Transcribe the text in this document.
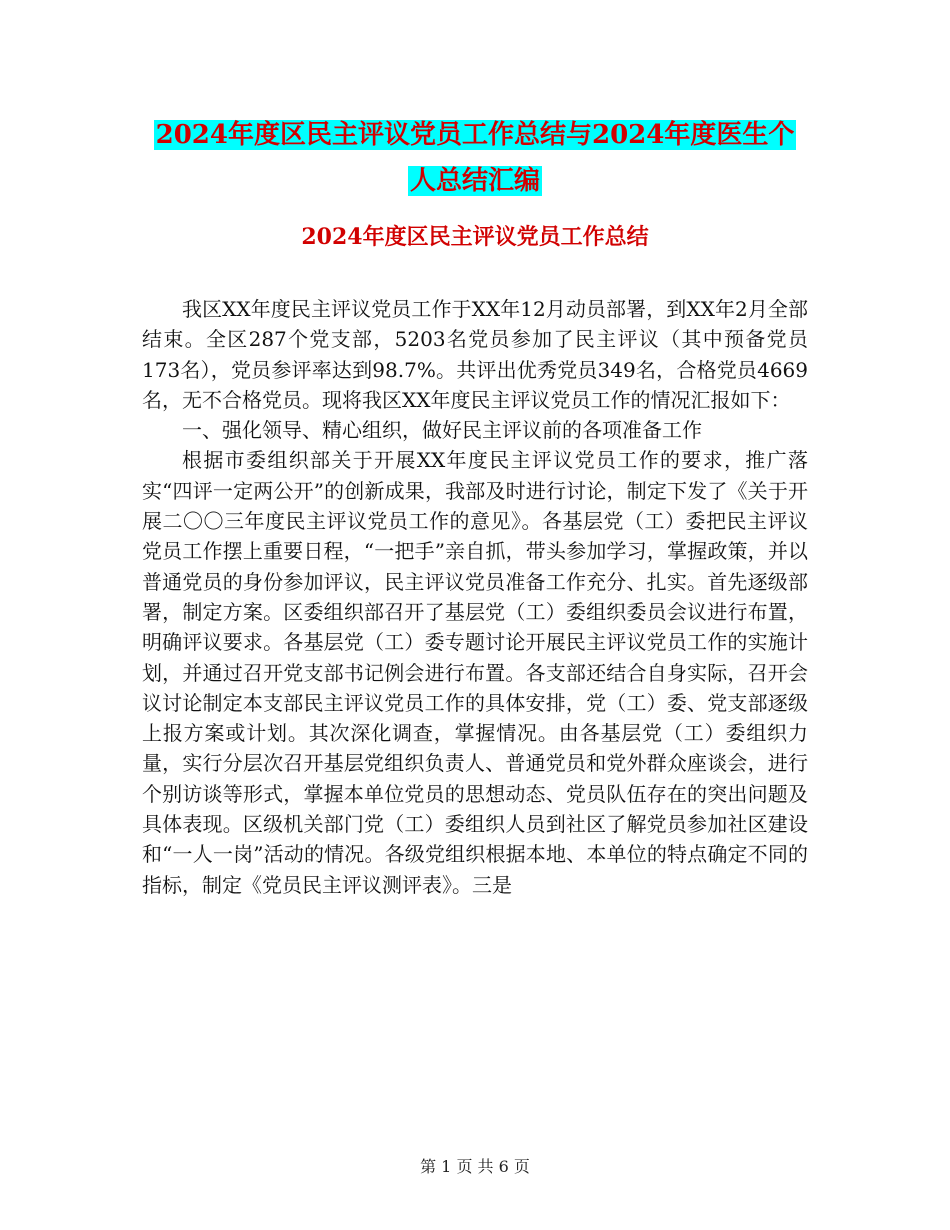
2024年度区民主评议党员工作总结与2024年度医生个
人总结汇编
2024年度区民主评议党员工作总结

我区XX年度民主评议党员工作于XX年12月动员部署，到XX年2月全部结束。全区287个党支部，5203名党员参加了民主评议（其中预备党员173名），党员参评率达到98.7%。共评出优秀党员349名，合格党员4669名，无不合格党员。现将我区XX年度民主评议党员工作的情况汇报如下：

一、强化领导、精心组织，做好民主评议前的各项准备工作

根据市委组织部关于开展XX年度民主评议党员工作的要求，推广落实“四评一定两公开”的创新成果，我部及时进行讨论，制定下发了《关于开展二〇〇三年度民主评议党员工作的意见》。各基层党（工）委把民主评议党员工作摆上重要日程，“一把手”亲自抓，带头参加学习，掌握政策，并以普通党员的身份参加评议，民主评议党员准备工作充分、扎实。首先逐级部署，制定方案。区委组织部召开了基层党（工）委组织委员会议进行布置，明确评议要求。各基层党（工）委专题讨论开展民主评议党员工作的实施计划，并通过召开党支部书记例会进行布置。各支部还结合自身实际，召开会议讨论制定本支部民主评议党员工作的具体安排，党（工）委、党支部逐级上报方案或计划。其次深化调查，掌握情况。由各基层党（工）委组织力量，实行分层次召开基层党组织负责人、普通党员和党外群众座谈会，进行个别访谈等形式，掌握本单位党员的思想动态、党员队伍存在的突出问题及具体表现。区级机关部门党（工）委组织人员到社区了解党员参加社区建设和“一人一岗”活动的情况。各级党组织根据本地、本单位的特点确定不同的指标，制定《党员民主评议测评表》。三是

第 1 页 共 6 页
